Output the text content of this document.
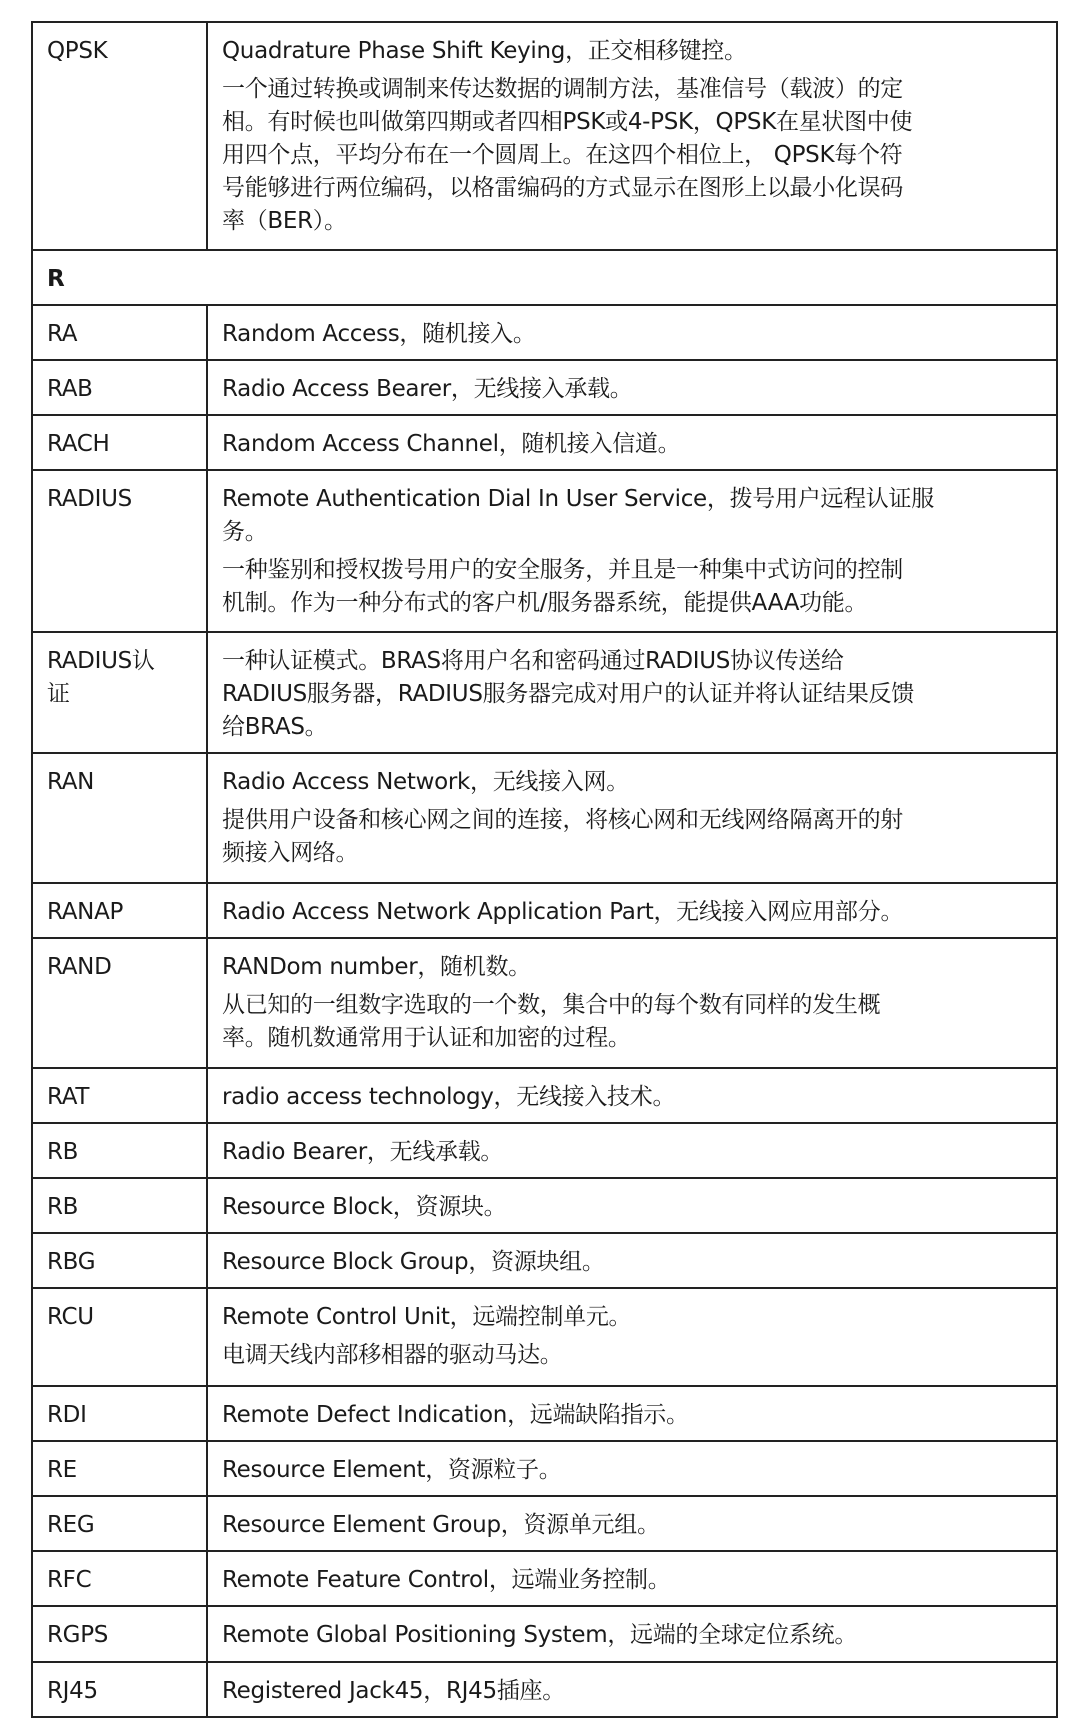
QPSK	Quadrature Phase Shift Keying，正交相移键控。
一个通过转换或调制来传达数据的调制方法，基准信号（载波）的定
相。有时候也叫做第四期或者四相PSK或4-PSK，QPSK在星状图中使
用四个点，平均分布在一个圆周上。在这四个相位上， QPSK每个符
号能够进行两位编码，以格雷编码的方式显示在图形上以最小化误码
率（BER）。

R	

RA	Random Access，随机接入。

RAB	Radio Access Bearer，无线接入承载。

RACH	Random Access Channel，随机接入信道。

RADIUS	Remote Authentication Dial In User Service，拨号用户远程认证服
务。
一种鉴别和授权拨号用户的安全服务，并且是一种集中式访问的控制
机制。作为一种分布式的客户机/服务器系统，能提供AAA功能。

RADIUS认
证	一种认证模式。BRAS将用户名和密码通过RADIUS协议传送给
RADIUS服务器，RADIUS服务器完成对用户的认证并将认证结果反馈
给BRAS。

RAN	Radio Access Network，无线接入网。
提供用户设备和核心网之间的连接，将核心网和无线网络隔离开的射
频接入网络。

RANAP	Radio Access Network Application Part，无线接入网应用部分。

RAND	RANDom number，随机数。
从已知的一组数字选取的一个数，集合中的每个数有同样的发生概
率。随机数通常用于认证和加密的过程。

RAT	radio access technology，无线接入技术。

RB	Radio Bearer，无线承载。

RB	Resource Block，资源块。

RBG	Resource Block Group，资源块组。

RCU	Remote Control Unit，远端控制单元。
电调天线内部移相器的驱动马达。

RDI	Remote Defect Indication，远端缺陷指示。

RE	Resource Element，资源粒子。

REG	Resource Element Group，资源单元组。

RFC	Remote Feature Control，远端业务控制。

RGPS	Remote Global Positioning System，远端的全球定位系统。

RJ45	Registered Jack45，RJ45插座。
